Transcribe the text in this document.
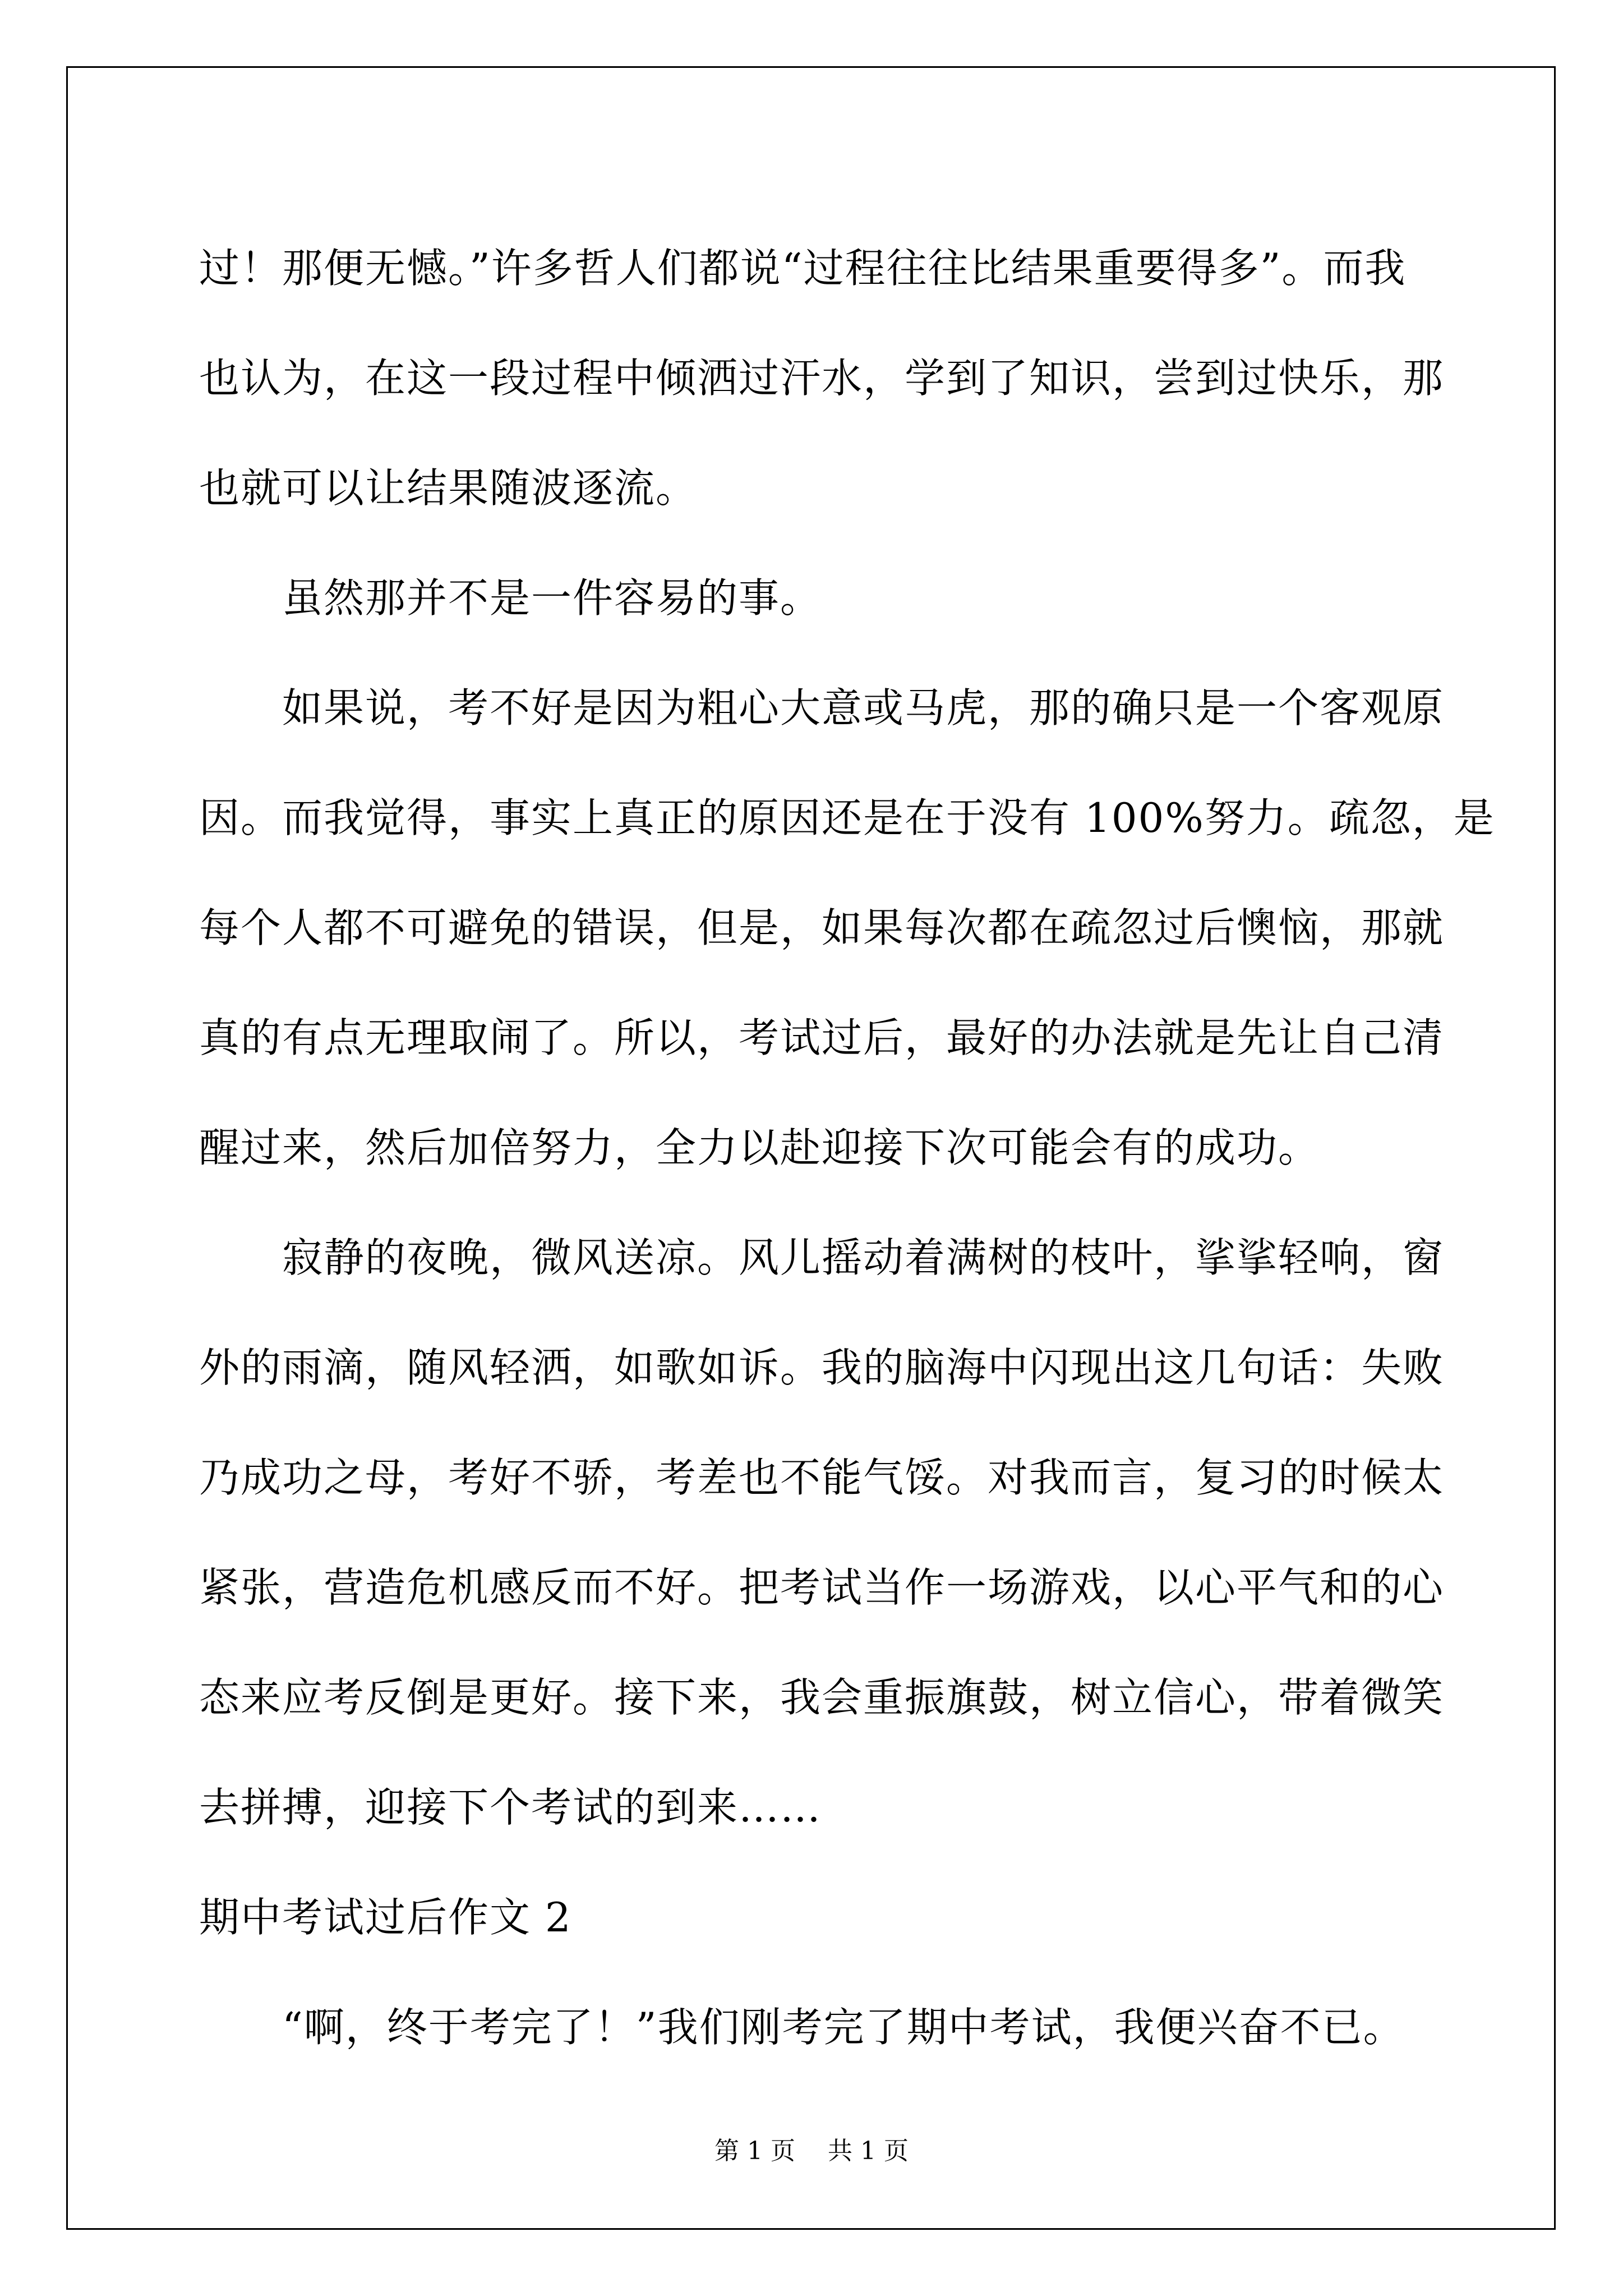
过！那便无憾。”许多哲人们都说“过程往往比结果重要得多”。而我
也认为，在这一段过程中倾洒过汗水，学到了知识，尝到过快乐，那
也就可以让结果随波逐流。
虽然那并不是一件容易的事。
如果说，考不好是因为粗心大意或马虎，那的确只是一个客观原
因。而我觉得，事实上真正的原因还是在于没有 100%努力。疏忽，是
每个人都不可避免的错误，但是，如果每次都在疏忽过后懊恼，那就
真的有点无理取闹了。所以，考试过后，最好的办法就是先让自己清
醒过来，然后加倍努力，全力以赴迎接下次可能会有的成功。
寂静的夜晚，微风送凉。风儿摇动着满树的枝叶，挲挲轻响，窗
外的雨滴，随风轻洒，如歌如诉。我的脑海中闪现出这几句话：失败
乃成功之母，考好不骄，考差也不能气馁。对我而言，复习的时候太
紧张，营造危机感反而不好。把考试当作一场游戏，以心平气和的心
态来应考反倒是更好。接下来，我会重振旗鼓，树立信心，带着微笑
去拼搏，迎接下个考试的到来……
期中考试过后作文 2
“啊，终于考完了！”我们刚考完了期中考试，我便兴奋不已。
第 1 页　 共 1 页
